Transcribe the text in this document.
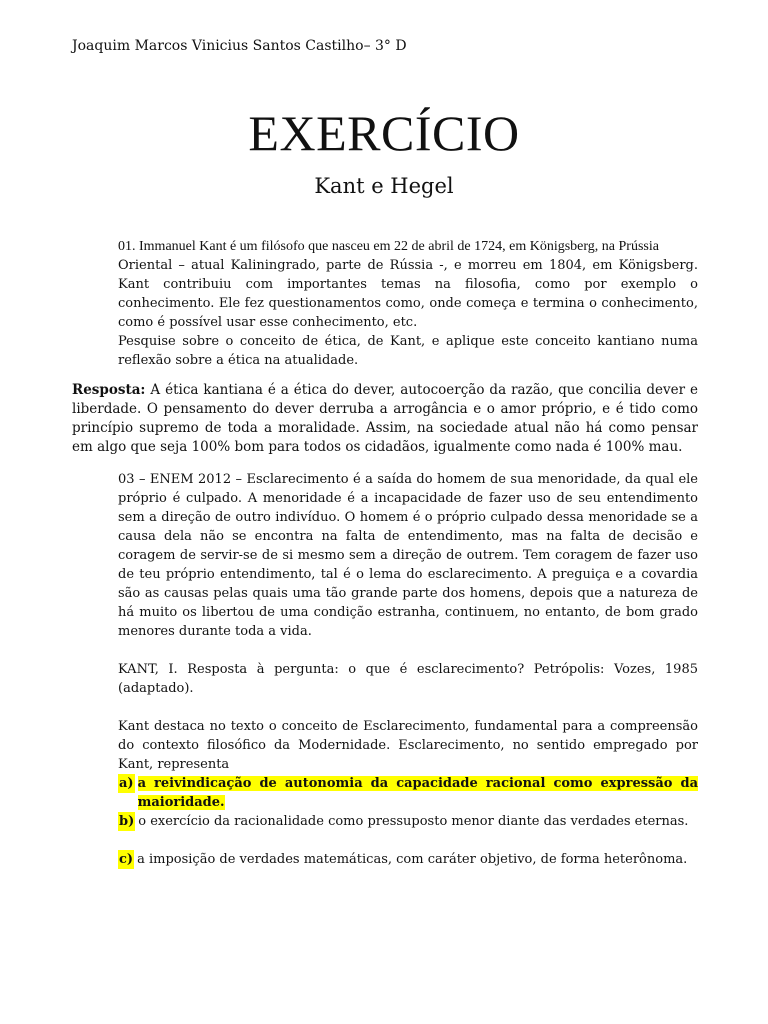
Joaquim Marcos Vinicius Santos Castilho– 3° D
EXERCÍCIO
Kant e Hegel

01. Immanuel Kant é um filósofo que nasceu em 22 de abril de 1724, em Königsberg, na Prússia

Oriental – atual Kaliningrado, parte de Rússia -, e morreu em 1804, em Königsberg. Kant contribuiu com importantes temas na filosofia, como por exemplo o conhecimento. Ele fez questionamentos como, onde começa e termina o conhecimento, como é possível usar esse conhecimento, etc.

Pesquise sobre o conceito de ética, de Kant, e aplique este conceito kantiano numa reflexão sobre a ética na atualidade.

Resposta: A ética kantiana é a ética do dever, autocoerção da razão, que concilia dever e liberdade. O pensamento do dever derruba a arrogância e o amor próprio, e é tido como princípio supremo de toda a moralidade. Assim, na sociedade atual não há como pensar em algo que seja 100% bom para todos os cidadãos, igualmente como nada é 100% mau.

03 – ENEM 2012 – Esclarecimento é a saída do homem de sua menoridade, da qual ele próprio é culpado. A menoridade é a incapacidade de fazer uso de seu entendimento sem a direção de outro indivíduo. O homem é o próprio culpado dessa menoridade se a causa dela não se encontra na falta de entendimento, mas na falta de decisão e coragem de servir-se de si mesmo sem a direção de outrem. Tem coragem de fazer uso de teu próprio entendimento, tal é o lema do esclarecimento. A preguiça e a covardia são as causas pelas quais uma tão grande parte dos homens, depois que a natureza de há muito os libertou de uma condição estranha, continuem, no entanto, de bom grado menores durante toda a vida.

KANT, I. Resposta à pergunta: o que é esclarecimento? Petrópolis: Vozes, 1985 (adaptado).

Kant destaca no texto o conceito de Esclarecimento, fundamental para a compreensão do contexto filosófico da Modernidade. Esclarecimento, no sentido empregado por Kant, representa

a) a reivindicação de autonomia da capacidade racional como expressão da maioridade.
b) o exercício da racionalidade como pressuposto menor diante das verdades eternas.
c) a imposição de verdades matemáticas, com caráter objetivo, de forma heterônoma.
